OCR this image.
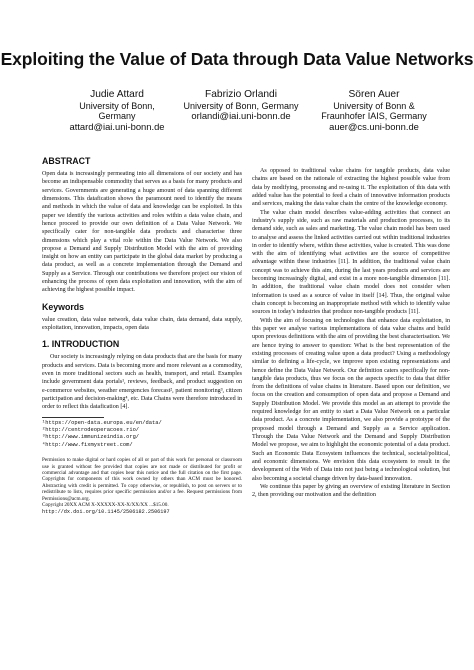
Exploiting the Value of Data through Data Value Networks
Judie Attard
University of Bonn, Germany
attard@iai.uni-bonn.de
Fabrizio Orlandi
University of Bonn, Germany
orlandi@iai.uni-bonn.de
Sören Auer
University of Bonn &
Fraunhofer IAIS, Germany
auer@cs.uni-bonn.de
ABSTRACT

Open data is increasingly permeating into all dimensions of our society and has become an indispensable commodity that serves as a basis for many products and services. Governments are generating a huge amount of data spanning different dimensions. This datafication shows the paramount need to identify the means and methods in which the value of data and knowledge can be exploited. In this paper we identify the various activities and roles within a data value chain, and hence proceed to provide our own definition of a Data Value Network. We specifically cater for non-tangible data products and characterise three dimensions which play a vital role within the Data Value Network. We also propose a Demand and Supply Distribution Model with the aim of providing insight on how an entity can participate in the global data market by producing a data product, as well as a concrete implementation through the Demand and Supply as a Service. Through our contributions we therefore project our vision of enhancing the process of open data exploitation and innovation, with the aim of achieving the highest possible impact.

Keywords

value creation, data value network, data value chain, data demand, data supply, exploitation, innovation, impacts, open data

1. INTRODUCTION

Our society is increasingly relying on data products that are the basis for many products and services. Data is becoming more and more relevant as a commodity, even in more traditional sectors such as health, transport, and retail. Examples include government data portals¹, reviews, feedback, and product suggestion on e-commerce websites, weather emergencies forecast², patient monitoring³, citizen participation and decision-making⁴, etc. Data Chains were therefore introduced in order to reflect this datafication [4].

¹https://open-data.europa.eu/en/data/
²http://centrodeoperacoes.rio/
³http://www.immunizeindia.org/
⁴http://www.fixmystreet.com/
Permission to make digital or hard copies of all or part of this work for personal or classroom use is granted without fee provided that copies are not made or distributed for profit or commercial advantage and that copies bear this notice and the full citation on the first page. Copyrights for components of this work owned by others than ACM must be honored. Abstracting with credit is permitted. To copy otherwise, or republish, to post on servers or to redistribute to lists, requires prior specific permission and/or a fee. Request permissions from Permissions@acm.org.
Copyright 20XX ACM X-XXXXX-XX-X/XX/XX ...$15.00.
http://dx.doi.org/10.1145/2506182.2506197

As opposed to traditional value chains for tangible products, data value chains are based on the rationale of extracting the highest possible value from data by modifying, processing and re-using it. The exploitation of this data with added value has the potential to feed a chain of innovative information products and services, making the data value chain the centre of the knowledge economy.

The value chain model describes value-adding activities that connect an industry's supply side, such as raw materials and production processes, to its demand side, such as sales and marketing. The value chain model has been used to analyse and assess the linked activities carried out within traditional industries in order to identify where, within these activities, value is created. This was done with the aim of identifying what activities are the source of competitive advantage within these industries [11]. In addition, the traditional value chain concept was to achieve this aim, during the last years products and services are becoming increasingly digital, and exist in a more non-tangible dimension [11]. In addition, the traditional value chain model does not consider when information is used as a source of value in itself [14]. Thus, the original value chain concept is becoming an inappropriate method with which to identify value sources in today's industries that produce non-tangible products [11].

With the aim of focusing on technologies that enhance data exploitation, in this paper we analyse various implementations of data value chains and build upon previous definitions with the aim of providing the best characterisation. We are hence trying to answer to question: What is the best representation of the existing processes of creating value upon a data product? Using a methodology similar to defining a life-cycle, we improve upon existing representations and hence define the Data Value Network. Our definition caters specifically for non-tangible data products, thus we focus on the aspects specific to data that differ from the definitions of value chains in literature. Based upon our definition, we focus on the creation and consumption of open data and propose a Demand and Supply Distribution Model. We provide this model as an attempt to provide the required knowledge for an entity to start a Data Value Network on a particular data product. As a concrete implementation, we also provide a prototype of the proposed model through a Demand and Supply as a Service application. Through the Data Value Network and the Demand and Supply Distribution Model we propose, we aim to highlight the economic potential of a data product. Such an Economic Data Ecosystem influences the technical, societal/political, and economic dimensions. We envision this data ecosystem to result in the development of the Web of Data into not just being a technological solution, but also becoming a societal change driven by data-based innovation.

We continue this paper by giving an overview of existing literature in Section 2, then providing our motivation and the definition
